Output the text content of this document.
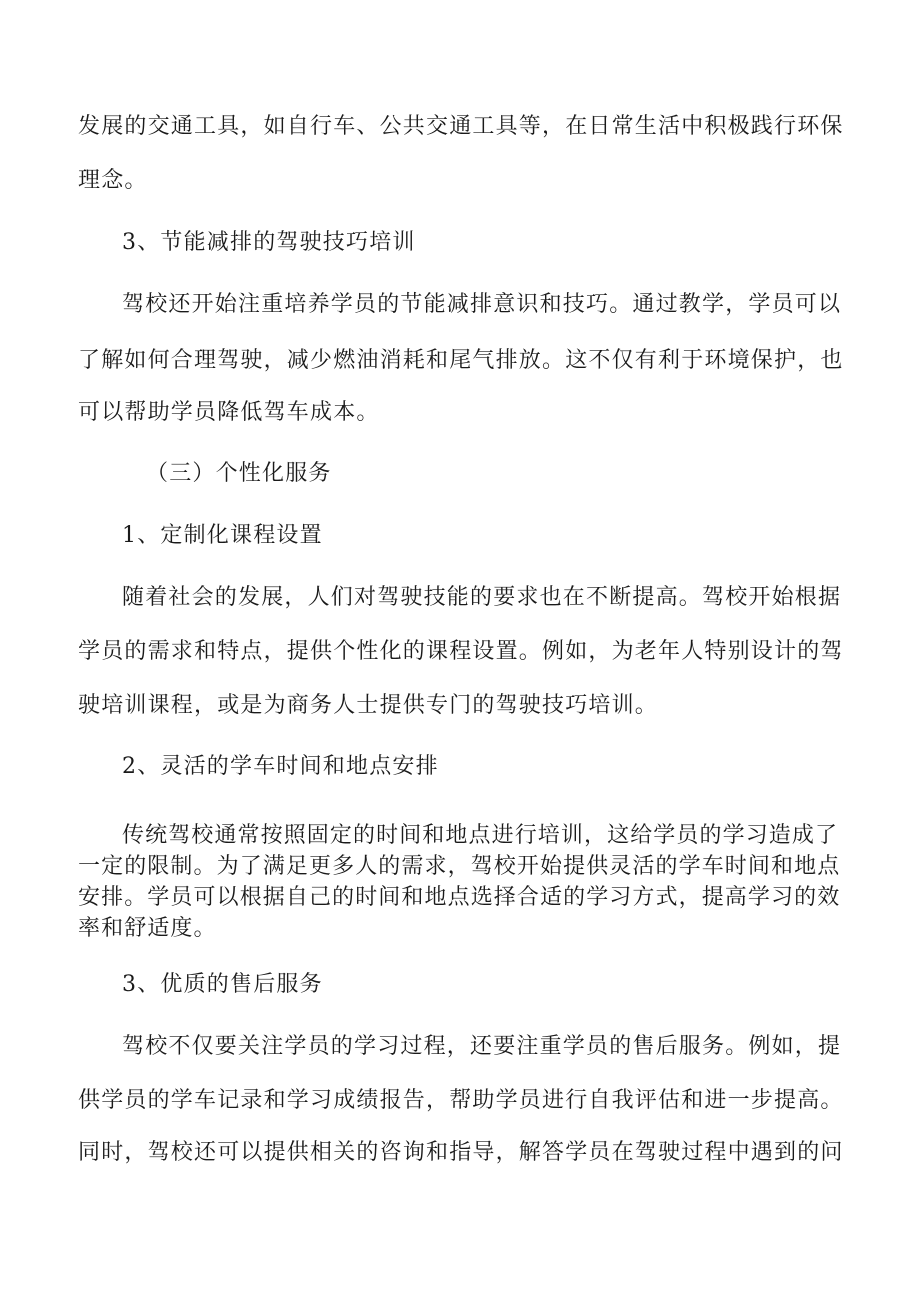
发展的交通工具，如自行车、公共交通工具等，在日常生活中积极践行环保
理念。
3、节能减排的驾驶技巧培训
驾校还开始注重培养学员的节能减排意识和技巧。通过教学，学员可以
了解如何合理驾驶，减少燃油消耗和尾气排放。这不仅有利于环境保护，也
可以帮助学员降低驾车成本。
（三）个性化服务
1、定制化课程设置
随着社会的发展，人们对驾驶技能的要求也在不断提高。驾校开始根据
学员的需求和特点，提供个性化的课程设置。例如，为老年人特别设计的驾
驶培训课程，或是为商务人士提供专门的驾驶技巧培训。
2、灵活的学车时间和地点安排
传统驾校通常按照固定的时间和地点进行培训，这给学员的学习造成了
一定的限制。为了满足更多人的需求，驾校开始提供灵活的学车时间和地点
安排。学员可以根据自己的时间和地点选择合适的学习方式，提高学习的效
率和舒适度。
3、优质的售后服务
驾校不仅要关注学员的学习过程，还要注重学员的售后服务。例如，提
供学员的学车记录和学习成绩报告，帮助学员进行自我评估和进一步提高。
同时，驾校还可以提供相关的咨询和指导，解答学员在驾驶过程中遇到的问
